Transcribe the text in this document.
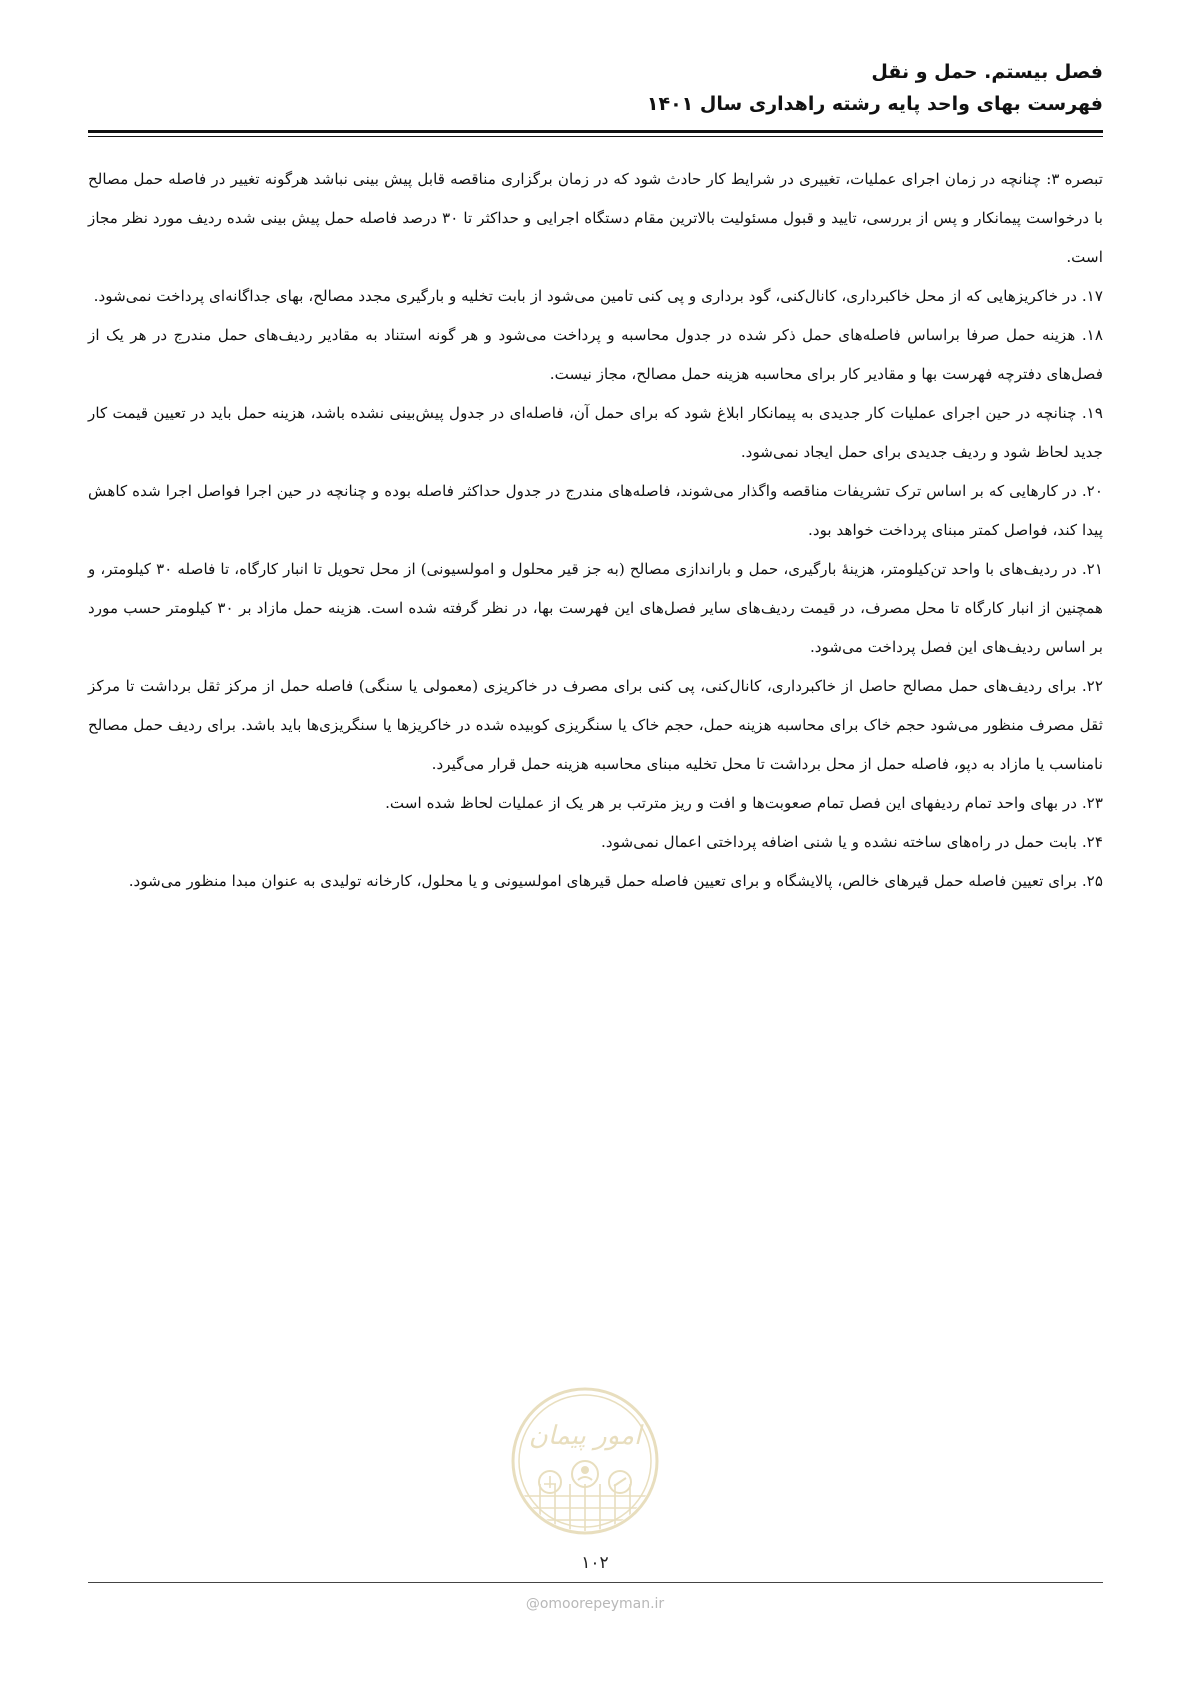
فصل بیستم. حمل و نقل
فهرست بهای واحد پایه رشته راهداری سال ۱۴۰۱

تبصره ۳: چنانچه در زمان اجرای عملیات، تغییری در شرایط کار حادث شود که در زمان برگزاری مناقصه قابل پیش بینی نباشد هرگونه تغییر در فاصله حمل مصالح با درخواست پیمانکار و پس از بررسی، تایید و قبول مسئولیت بالاترین مقام دستگاه اجرایی و حداکثر تا ۳۰ درصد فاصله حمل پیش بینی شده ردیف مورد نظر مجاز است.

۱۷. در خاکریزهایی که از محل خاکبرداری، کانال‌کنی، گود برداری و پی کنی تامین می‌شود از بابت تخلیه و بارگیری مجدد مصالح، بهای جداگانه‌ای پرداخت نمی‌شود.

۱۸. هزینه حمل صرفا براساس فاصله‌های حمل ذکر شده در جدول محاسبه و پرداخت می‌شود و هر گونه استناد به مقادیر ردیف‌های حمل مندرج در هر یک از فصل‌های دفترچه فهرست بها و مقادیر کار برای محاسبه هزینه حمل مصالح، مجاز نیست.

۱۹. چنانچه در حین اجرای عملیات کار جدیدی به پیمانکار ابلاغ شود که برای حمل آن، فاصله‌ای در جدول پیش‌بینی نشده باشد، هزینه حمل باید در تعیین قیمت کار جدید لحاظ شود و ردیف جدیدی برای حمل ایجاد نمی‌شود.

۲۰. در کارهایی که بر اساس ترک تشریفات مناقصه واگذار می‌شوند، فاصله‌های مندرج در جدول حداکثر فاصله بوده و چنانچه در حین اجرا فواصل اجرا شده کاهش پیدا کند، فواصل کمتر مبنای پرداخت خواهد بود.

۲۱. در ردیف‌های با واحد تن‌کیلومتر، هزینهٔ بارگیری، حمل و باراندازی مصالح (به جز قیر محلول و امولسیونی) از محل تحویل تا انبار کارگاه، تا فاصله ۳۰ کیلومتر، و همچنین از انبار کارگاه تا محل مصرف، در قیمت ردیف‌های سایر فصل‌های این فهرست بها، در نظر گرفته شده است. هزینه حمل مازاد بر ۳۰ کیلومتر حسب مورد بر اساس ردیف‌های این فصل پرداخت می‌شود.

۲۲. برای ردیف‌های حمل مصالح حاصل از خاکبرداری، کانال‌کنی، پی کنی برای مصرف در خاکریزی (معمولی یا سنگی) فاصله حمل از مرکز ثقل برداشت تا مرکز ثقل مصرف منظور می‌شود حجم خاک برای محاسبه هزینه حمل، حجم خاک یا سنگریزی کوبیده شده در خاکریزها یا سنگریزی‌ها باید باشد. برای ردیف حمل مصالح نامناسب یا مازاد به دپو، فاصله حمل از محل برداشت تا محل تخلیه مبنای محاسبه هزینه حمل قرار می‌گیرد.

۲۳. در بهای واحد تمام ردیفهای این فصل تمام صعوبت‌ها و افت و ریز مترتب بر هر یک از عملیات لحاظ شده است.

۲۴. بابت حمل در راه‌های ساخته نشده و یا شنی اضافه پرداختی اعمال نمی‌شود.

۲۵. برای تعیین فاصله حمل قیرهای خالص، پالایشگاه و برای تعیین فاصله حمل قیرهای امولسیونی و یا محلول، کارخانه تولیدی به عنوان مبدا منظور می‌شود.

امور پیمان
۱۰۲
@omoorepeyman.ir
